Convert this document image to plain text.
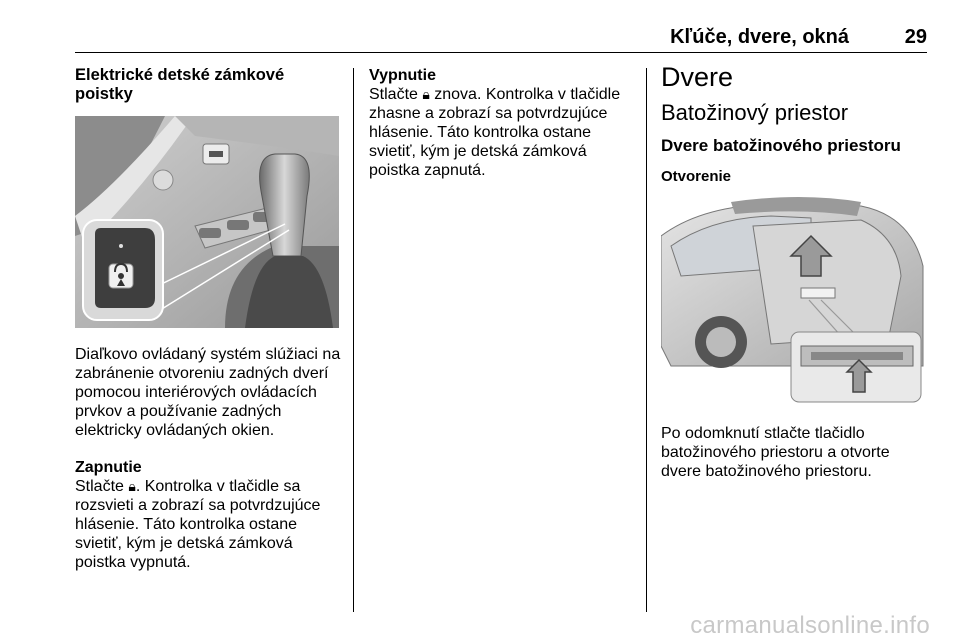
Kľúče, dvere, okná	29
Elektrické detské zámkové poistky

Diaľkovo ovládaný systém slúžiaci na zabránenie otvoreniu zadných dverí pomocou interiérových ovládacích prvkov a používanie zadných elektricky ovládaných okien.

Zapnutie

Stlačte 🔒︎. Kontrolka v tlačidle sa rozsvieti a zobrazí sa potvrdzujúce hlásenie. Táto kontrolka ostane svietiť, kým je detská zámková poistka vypnutá.

Vypnutie

Stlačte 🔒︎ znova. Kontrolka v tlačidle zhasne a zobrazí sa potvrdzujúce hlásenie. Táto kontrolka ostane svietiť, kým je detská zámková poistka zapnutá.

Dvere
Batožinový priestor
Dvere batožinového priestoru
Otvorenie

Po odomknutí stlačte tlačidlo batožinového priestoru a otvorte dvere batožinového priestoru.

carmanualsonline.info
